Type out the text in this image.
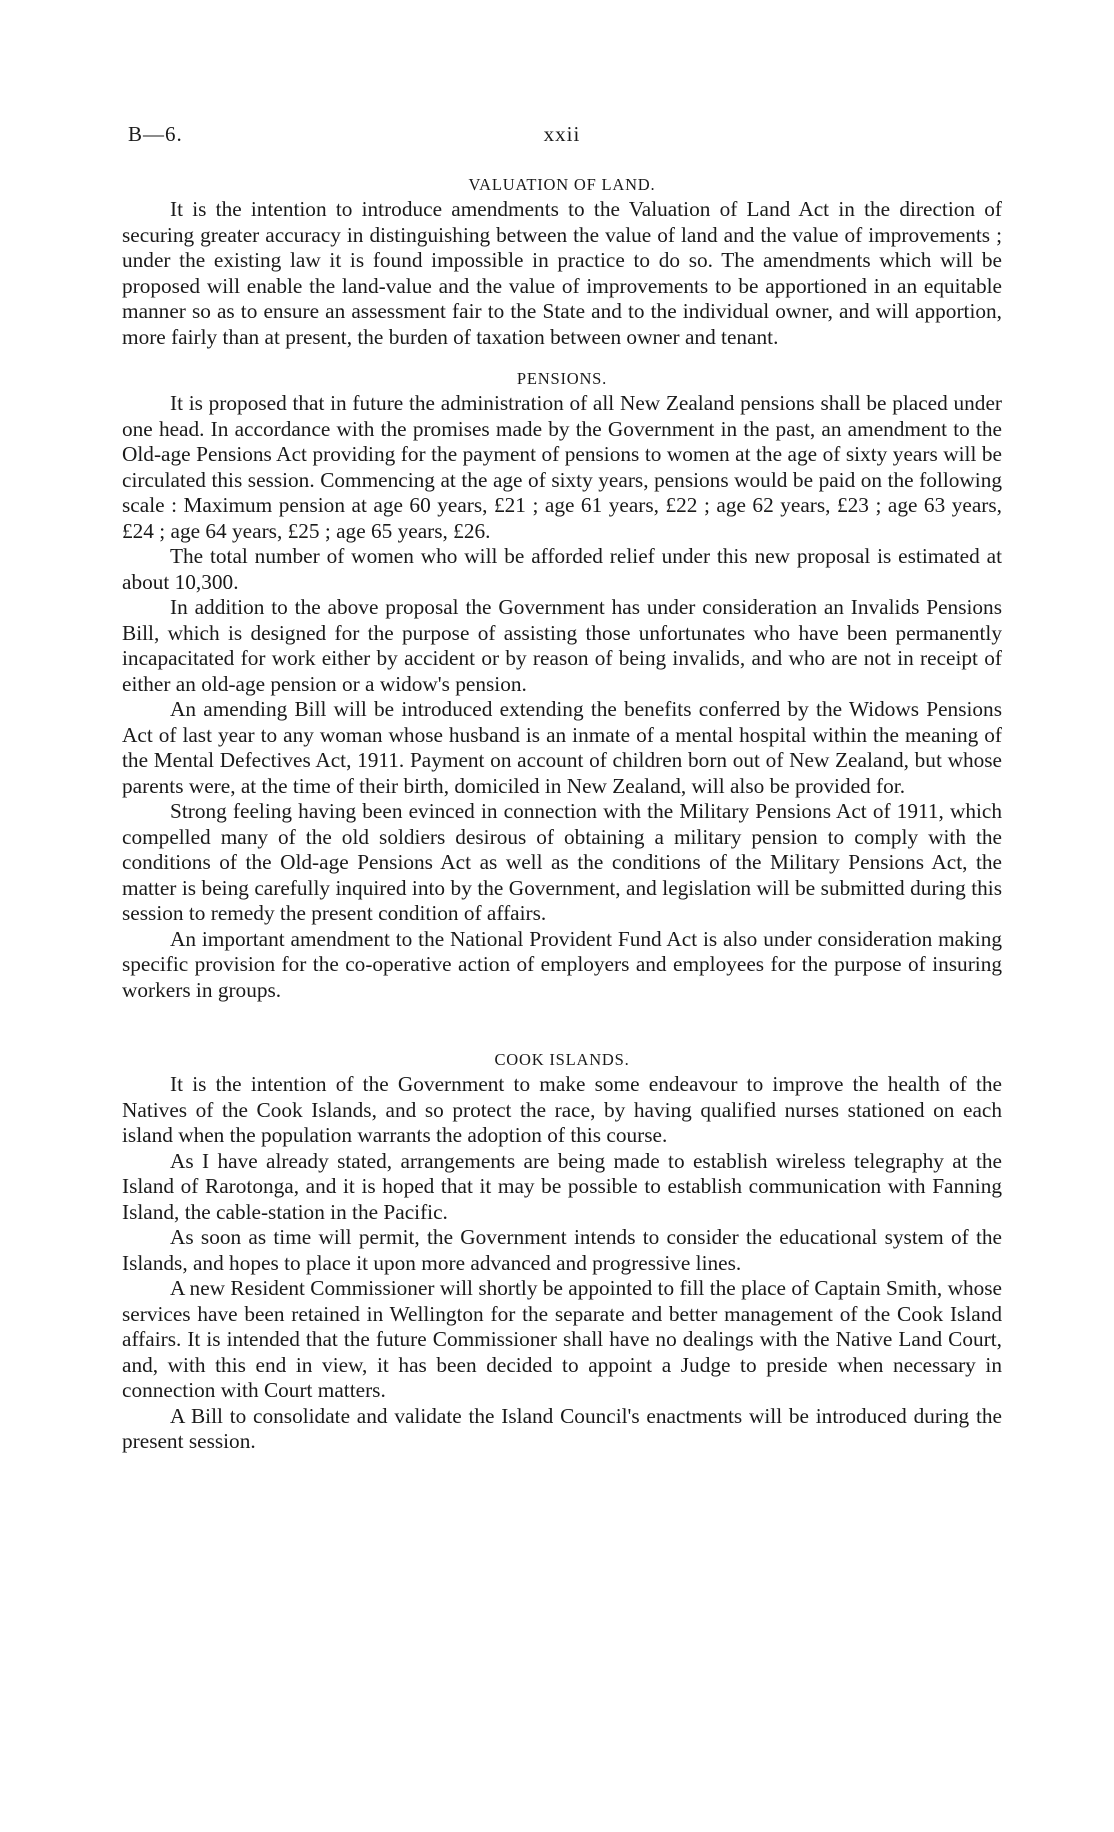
B—6.	xxii
VALUATION OF LAND.

It is the intention to introduce amendments to the Valuation of Land Act in the direction of securing greater accuracy in distinguishing between the value of land and the value of improvements ; under the existing law it is found impossible in practice to do so. The amendments which will be proposed will enable the land-value and the value of improvements to be apportioned in an equitable manner so as to ensure an assessment fair to the State and to the individual owner, and will apportion, more fairly than at present, the burden of taxation between owner and tenant.

PENSIONS.

It is proposed that in future the administration of all New Zealand pensions shall be placed under one head. In accordance with the promises made by the Government in the past, an amendment to the Old-age Pensions Act providing for the payment of pensions to women at the age of sixty years will be circulated this session. Commencing at the age of sixty years, pensions would be paid on the following scale : Maximum pension at age 60 years, £21 ; age 61 years, £22 ; age 62 years, £23 ; age 63 years, £24 ; age 64 years, £25 ; age 65 years, £26.

The total number of women who will be afforded relief under this new proposal is estimated at about 10,300.

In addition to the above proposal the Government has under consideration an Invalids Pensions Bill, which is designed for the purpose of assisting those unfortunates who have been permanently incapacitated for work either by accident or by reason of being invalids, and who are not in receipt of either an old-age pension or a widow's pension.

An amending Bill will be introduced extending the benefits conferred by the Widows Pensions Act of last year to any woman whose husband is an inmate of a mental hospital within the meaning of the Mental Defectives Act, 1911. Payment on account of children born out of New Zealand, but whose parents were, at the time of their birth, domiciled in New Zealand, will also be provided for.

Strong feeling having been evinced in connection with the Military Pensions Act of 1911, which compelled many of the old soldiers desirous of obtaining a military pension to comply with the conditions of the Old-age Pensions Act as well as the conditions of the Military Pensions Act, the matter is being carefully inquired into by the Government, and legislation will be submitted during this session to remedy the present condition of affairs.

An important amendment to the National Provident Fund Act is also under consideration making specific provision for the co-operative action of employers and employees for the purpose of insuring workers in groups.

COOK ISLANDS.

It is the intention of the Government to make some endeavour to improve the health of the Natives of the Cook Islands, and so protect the race, by having qualified nurses stationed on each island when the population warrants the adoption of this course.

As I have already stated, arrangements are being made to establish wireless telegraphy at the Island of Rarotonga, and it is hoped that it may be possible to establish communication with Fanning Island, the cable-station in the Pacific.

As soon as time will permit, the Government intends to consider the educational system of the Islands, and hopes to place it upon more advanced and progressive lines.

A new Resident Commissioner will shortly be appointed to fill the place of Captain Smith, whose services have been retained in Wellington for the separate and better management of the Cook Island affairs. It is intended that the future Commissioner shall have no dealings with the Native Land Court, and, with this end in view, it has been decided to appoint a Judge to preside when necessary in connection with Court matters.

A Bill to consolidate and validate the Island Council's enactments will be introduced during the present session.
